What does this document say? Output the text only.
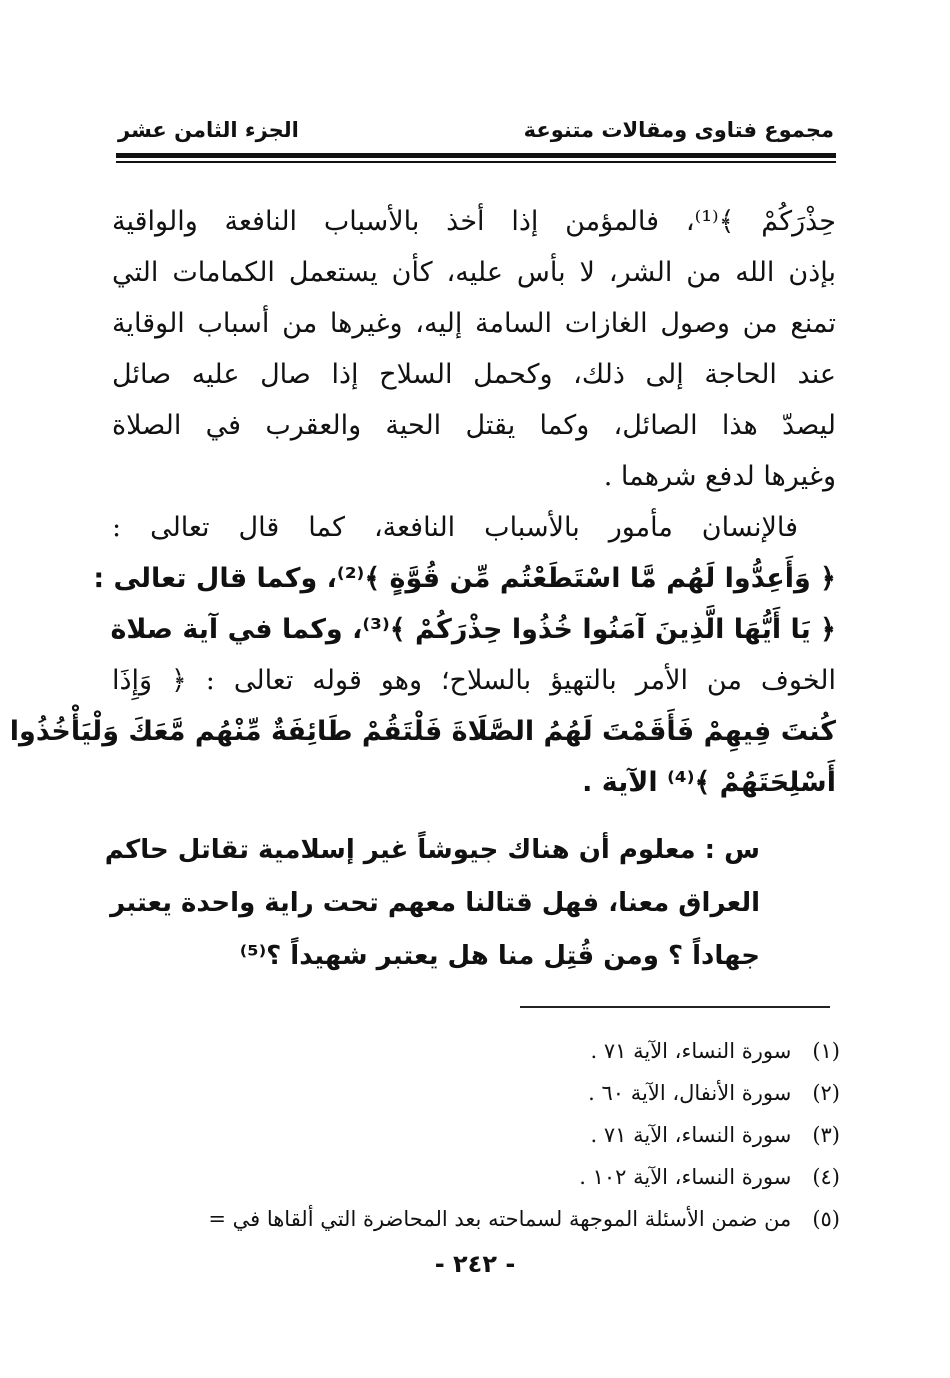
مجموع فتاوى ومقالات متنوعة
الجزء الثامن عشر
حِذْرَكُمْ ﴾⁽¹⁾، فالمؤمن إذا أخذ بالأسباب النافعة والواقية
بإذن الله من الشر، لا بأس عليه، كأن يستعمل الكمامات التي
تمنع من وصول الغازات السامة إليه، وغيرها من أسباب الوقاية
عند الحاجة إلى ذلك، وكحمل السلاح إذا صال عليه صائل
ليصدّ هذا الصائل، وكما يقتل الحية والعقرب في الصلاة
وغيرها لدفع شرهما .
فالإنسان مأمور بالأسباب النافعة، كما قال تعالى :
﴿ وَأَعِدُّوا لَهُم مَّا اسْتَطَعْتُم مِّن قُوَّةٍ ﴾⁽²⁾، وكما قال تعالى :
﴿ يَا أَيُّهَا الَّذِينَ آمَنُوا خُذُوا حِذْرَكُمْ ﴾⁽³⁾، وكما في آية صلاة
الخوف من الأمر بالتهيؤ بالسلاح؛ وهو قوله تعالى : ﴿ وَإِذَا
كُنتَ فِيهِمْ فَأَقَمْتَ لَهُمُ الصَّلَاةَ فَلْتَقُمْ طَائِفَةٌ مِّنْهُم مَّعَكَ وَلْيَأْخُذُوا
أَسْلِحَتَهُمْ ﴾⁽⁴⁾ الآية .
س : معلوم أن هناك جيوشاً غير إسلامية تقاتل حاكم
العراق معنا، فهل قتالنا معهم تحت راية واحدة يعتبر
جهاداً ؟ ومن قُتِل منا هل يعتبر شهيداً ؟⁽⁵⁾
(١) سورة النساء، الآية ٧١ .
(٢) سورة الأنفال، الآية ٦٠ .
(٣) سورة النساء، الآية ٧١ .
(٤) سورة النساء، الآية ١٠٢ .
(٥) من ضمن الأسئلة الموجهة لسماحته بعد المحاضرة التي ألقاها في =
- ٢٤٢ -
